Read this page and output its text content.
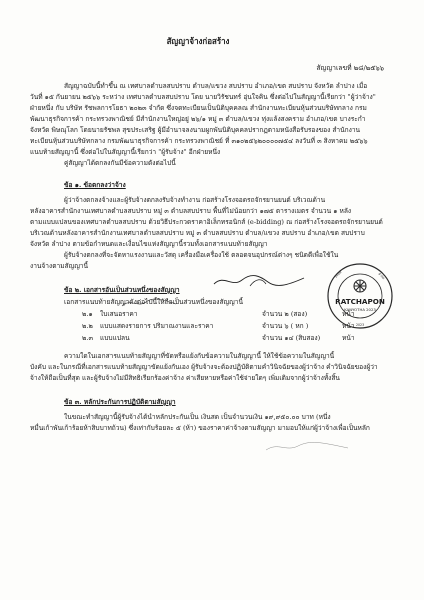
สัญญาจ้างก่อสร้าง
สัญญาเลขที่ ๒๘/๒๕๖๖
สัญญาฉบับนี้ทำขึ้น ณ เทศบาลตำบลสบปราบ ตำบล/แขวง สบปราบ อำเภอ/เขต สบปราบ จังหวัด ลำปาง เมื่อ
วันที่ ๑๕ กันยายน ๒๕๖๖ ระหว่าง เทศบาลตำบลสบปราบ โดย นายวิรัชนทร์ อุ่นใจคิน ซึ่งต่อไปในสัญญานี้เรียกว่า "ผู้ว่าจ้าง"
ฝ่ายหนึ่ง กับ บริษัท รัชพลการโยธา ๒๐๒๓ จำกัด ซึ่งจดทะเบียนเป็นนิติบุคคลณ สำนักงานทะเบียนหุ้นส่วนบริษัทกลาง กรม
พัฒนาธุรกิจการค้า กระทรวงพาณิชย์ มีสำนักงานใหญ่อยู่ ๒๖/๑ หมู่ ๓ ตำบล/แขวง ทุ่งแล้งสงคราม อำเภอ/เขต บางระกำ
จังหวัด พิษณุโลก โดยนายรัชพล สุขประเสริฐ ผู้มีอำนาจลงนามผูกพันนิติบุคคลปรากฏตามหนังสือรับรองของ สำนักงาน
ทะเบียนหุ้นส่วนบริษัทกลาง กรมพัฒนาธุรกิจการค้า กระทรวงพาณิชย์ ที่ ๓๑๐๒๕๖๒๐๐๐๐๗๕๔ ลงวันที่ ๓ สิงหาคม ๒๕๖๖
แนบท้ายสัญญานี้ ซึ่งต่อไปในสัญญานี้เรียกว่า "ผู้รับจ้าง" อีกฝ่ายหนึ่ง
คู่สัญญาได้ตกลงกันมีข้อความดังต่อไปนี้
ข้อ ๑. ข้อตกลงว่าจ้าง
ผู้ว่าจ้างตกลงจ้างและผู้รับจ้างตกลงรับจ้างทำงาน ก่อสร้างโรงจอดรถจักรยานยนต์ บริเวณด้าน
หลังอาคารสำนักงานเทศบาลตำบลสบปราบ หมู่ ๓ ตำบลสบปราบ พื้นที่ไม่น้อยกว่า ๑๗๕ ตารางเมตร จำนวน ๑ หลัง
ตามแบบแปลนของเทศบาลตำบลสบปราบ ด้วยวิธีประกวดราคาอิเล็กทรอนิกส์ (e-bidding) ณ ก่อสร้างโรงจอดรถจักรยานยนต์
บริเวณด้านหลังอาคารสำนักงานเทศบาลตำบลสบปราบ หมู่ ๓ ตำบลสบปราบ ตำบล/แขวง สบปราบ อำเภอ/เขต สบปราบ
จังหวัด ลำปาง ตามข้อกำหนดและเงื่อนไขแห่งสัญญานี้รวมทั้งเอกสารแนบท้ายสัญญา
ผู้รับจ้างตกลงที่จะจัดหาแรงงานและวัสดุ เครื่องมือเครื่องใช้ ตลอดจนอุปกรณ์ต่างๆ ชนิดดีเพื่อใช้ใน
งานจ้างตามสัญญานี้
ข้อ ๒. เอกสารอันเป็นส่วนหนึ่งของสัญญา
เอกสารแนบท้ายสัญญาดังต่อไปนี้ให้ถือเป็นส่วนหนึ่งของสัญญานี้
๒.๑ ใบเสนอราคา	จำนวน ๒ (สอง)	หน้า
๒.๒ แบบแสดงรายการ ปริมาณงานและราคา	จำนวน ๖ ( หก )	หน้า
๒.๓ แบบแปลน	จำนวน ๑๔ (สิบสอง)	หน้า
ความใดในเอกสารแนบท้ายสัญญาที่ขัดหรือแย้งกับข้อความในสัญญานี้ ให้ใช้ข้อความในสัญญานี้
บังคับ และในกรณีที่เอกสารแนบท้ายสัญญาขัดแย้งกันเอง ผู้รับจ้างจะต้องปฏิบัติตามคำวินิจฉัยของผู้ว่าจ้าง คำวินิจฉัยของผู้ว่า
จ้างให้ถือเป็นที่สุด และผู้รับจ้างไม่มีสิทธิเรียกร้องค่าจ้าง ค่าเสียหายหรือค่าใช้จ่ายใดๆ เพิ่มเติมจากผู้ว่าจ้างทั้งสิ้น
ข้อ ๓. หลักประกันการปฏิบัติตามสัญญา
ในขณะทำสัญญานี้ผู้รับจ้างได้นำหลักประกันเป็น เงินสด เป็นจำนวนเงิน ๑๙,๙๕๐.๐๐ บาท (หนึ่ง
หมื่นเก้าพันเก้าร้อยห้าสิบบาทถ้วน) ซึ่งเท่ากับร้อยละ ๕ (ห้า) ของราคาค่าจ้างตามสัญญา มามอบให้แก่ผู้ว่าจ้างเพื่อเป็นหลัก
RATCHAPON
KANYOTHA 2023
บริษัท	จำกัด
2023
